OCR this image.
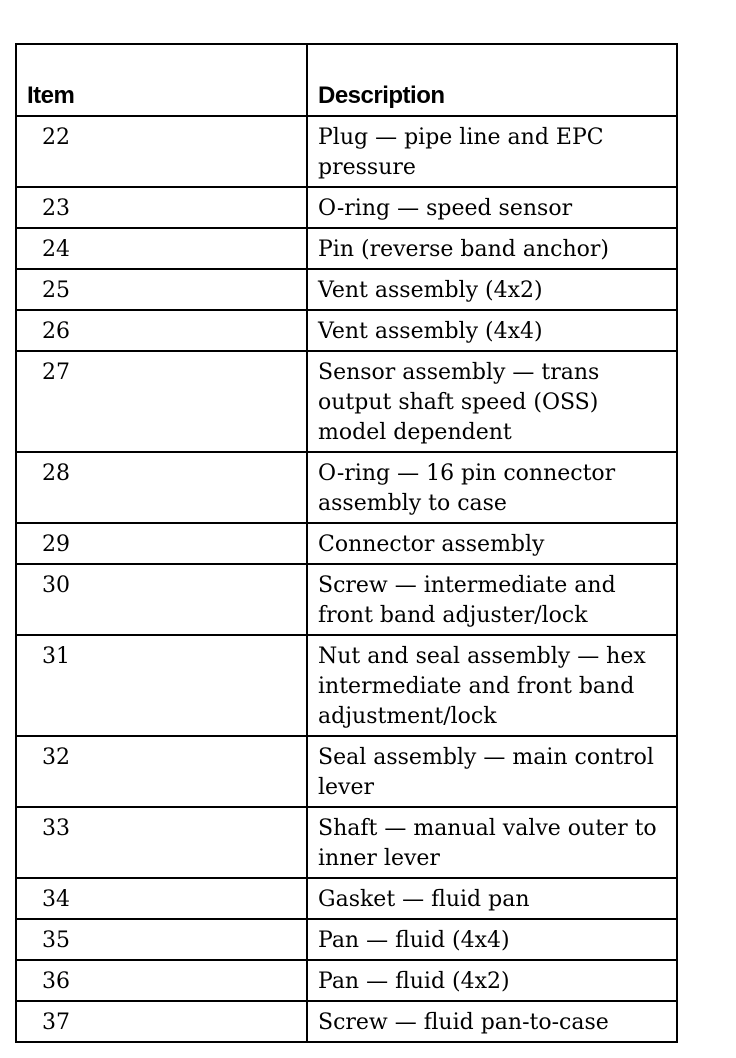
Item	Description
22	Plug — pipe line and EPC
pressure

23	O-ring — speed sensor

24	Pin (reverse band anchor)

25	Vent assembly (4x2)

26	Vent assembly (4x4)

27	Sensor assembly — trans
output shaft speed (OSS)
model dependent

28	O-ring — 16 pin connector
assembly to case

29	Connector assembly

30	Screw — intermediate and
front band adjuster/lock

31	Nut and seal assembly — hex
intermediate and front band
adjustment/lock

32	Seal assembly — main control
lever

33	Shaft — manual valve outer to
inner lever

34	Gasket — fluid pan

35	Pan — fluid (4x4)

36	Pan — fluid (4x2)

37	Screw — fluid pan-to-case
